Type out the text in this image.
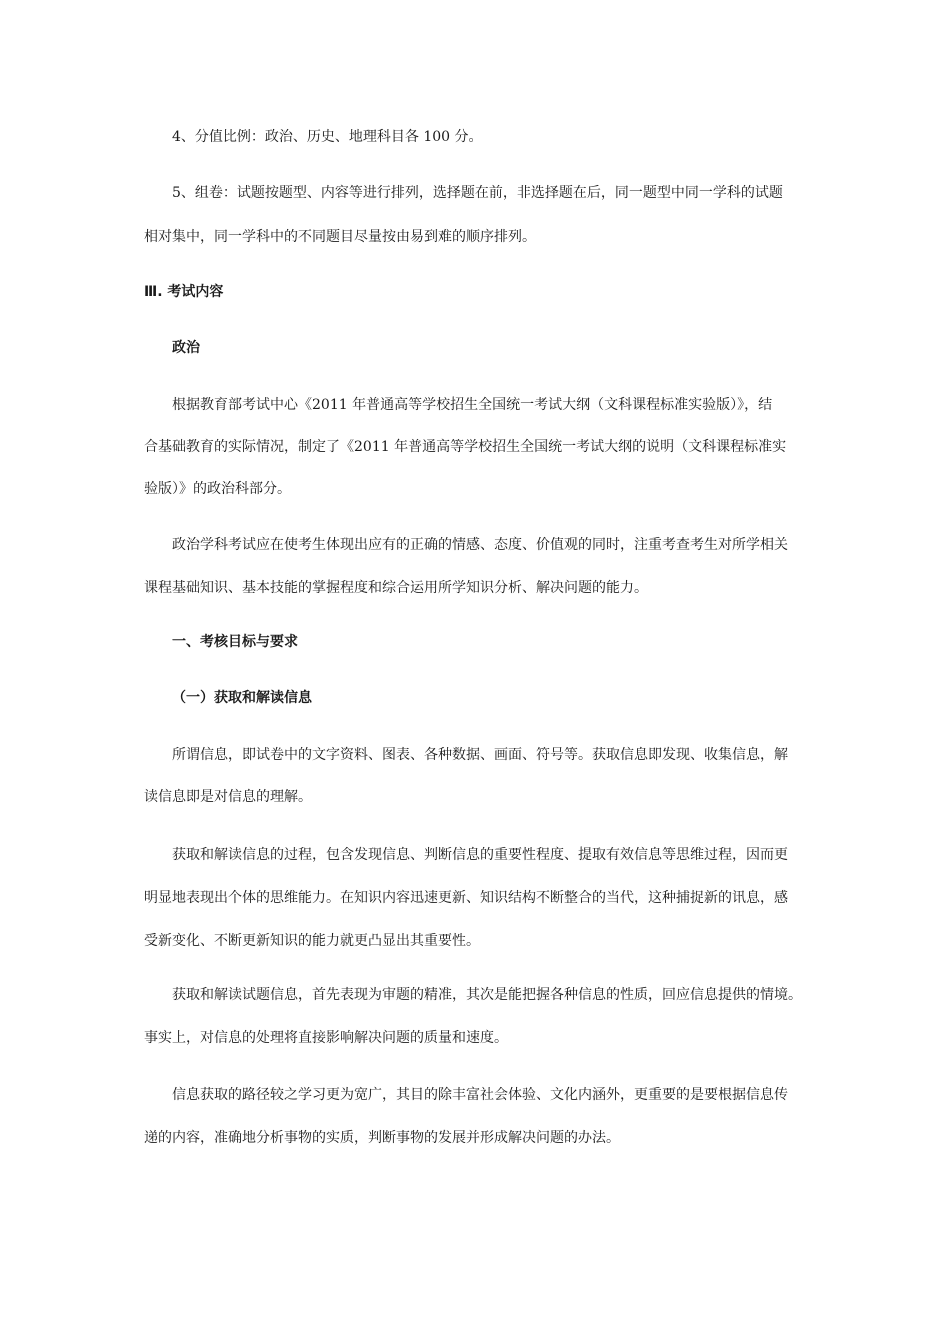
4、分值比例：政治、历史、地理科目各 100 分。
5、组卷：试题按题型、内容等进行排列，选择题在前，非选择题在后，同一题型中同一学科的试题
相对集中，同一学科中的不同题目尽量按由易到难的顺序排列。
Ⅲ. 考试内容
政治
根据教育部考试中心《2011 年普通高等学校招生全国统一考试大纲（文科课程标准实验版）》，结
合基础教育的实际情况，制定了《2011 年普通高等学校招生全国统一考试大纲的说明（文科课程标准实
验版）》的政治科部分。
政治学科考试应在使考生体现出应有的正确的情感、态度、价值观的同时，注重考查考生对所学相关
课程基础知识、基本技能的掌握程度和综合运用所学知识分析、解决问题的能力。
一、考核目标与要求
（一）获取和解读信息
所谓信息，即试卷中的文字资料、图表、各种数据、画面、符号等。获取信息即发现、收集信息，解
读信息即是对信息的理解。
获取和解读信息的过程，包含发现信息、判断信息的重要性程度、提取有效信息等思维过程，因而更
明显地表现出个体的思维能力。在知识内容迅速更新、知识结构不断整合的当代，这种捕捉新的讯息，感
受新变化、不断更新知识的能力就更凸显出其重要性。
获取和解读试题信息，首先表现为审题的精准，其次是能把握各种信息的性质，回应信息提供的情境。
事实上，对信息的处理将直接影响解决问题的质量和速度。
信息获取的路径较之学习更为宽广，其目的除丰富社会体验、文化内涵外，更重要的是要根据信息传
递的内容，准确地分析事物的实质，判断事物的发展并形成解决问题的办法。
